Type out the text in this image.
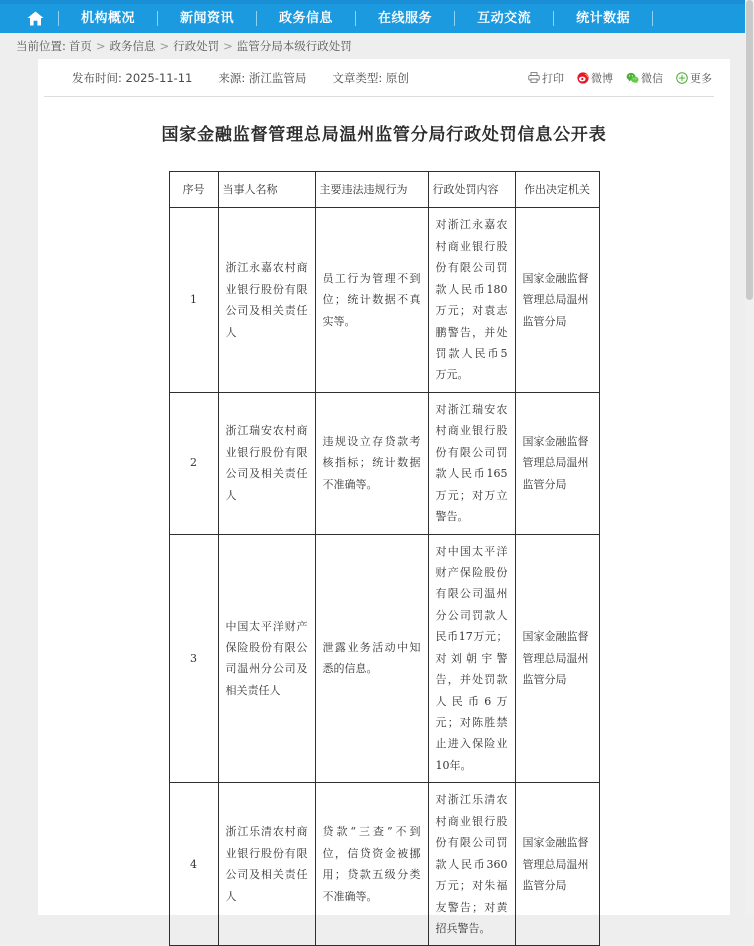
机构概况	新闻资讯	政务信息	在线服务	互动交流	统计数据
当前位置: 首页 > 政务信息 > 行政处罚 > 监管分局本级行政处罚
发布时间: 2025-11-11 来源: 浙江监管局 文章类型: 原创	打印 微博	微信 更多
国家金融监督管理总局温州监管分局行政处罚信息公开表
序号	当事人名称	主要违法违规行为	行政处罚内容	作出决定机关
1	浙江永嘉农村商业银行股份有限公司及相关责任人	员工行为管理不到位；统计数据不真实等。	对浙江永嘉农村商业银行股份有限公司罚款人民币180万元；对袁志鹏警告，并处罚款人民币5万元。	国家金融监督管理总局温州监管分局
2	浙江瑞安农村商业银行股份有限公司及相关责任人	违规设立存贷款考核指标；统计数据不准确等。	对浙江瑞安农村商业银行股份有限公司罚款人民币165万元；对万立警告。	国家金融监督管理总局温州监管分局
3	中国太平洋财产保险股份有限公司温州分公司及相关责任人	泄露业务活动中知悉的信息。	对中国太平洋财产保险股份有限公司温州分公司罚款人民币17万元；对刘朝宇警告，并处罚款人民币6万元；对陈胜禁止进入保险业10年。	国家金融监督管理总局温州监管分局
4	浙江乐清农村商业银行股份有限公司及相关责任人	贷款“三查”不到位，信贷资金被挪用；贷款五级分类不准确等。	对浙江乐清农村商业银行股份有限公司罚款人民币360万元；对朱福友警告；对黄招兵警告。	国家金融监督管理总局温州监管分局
